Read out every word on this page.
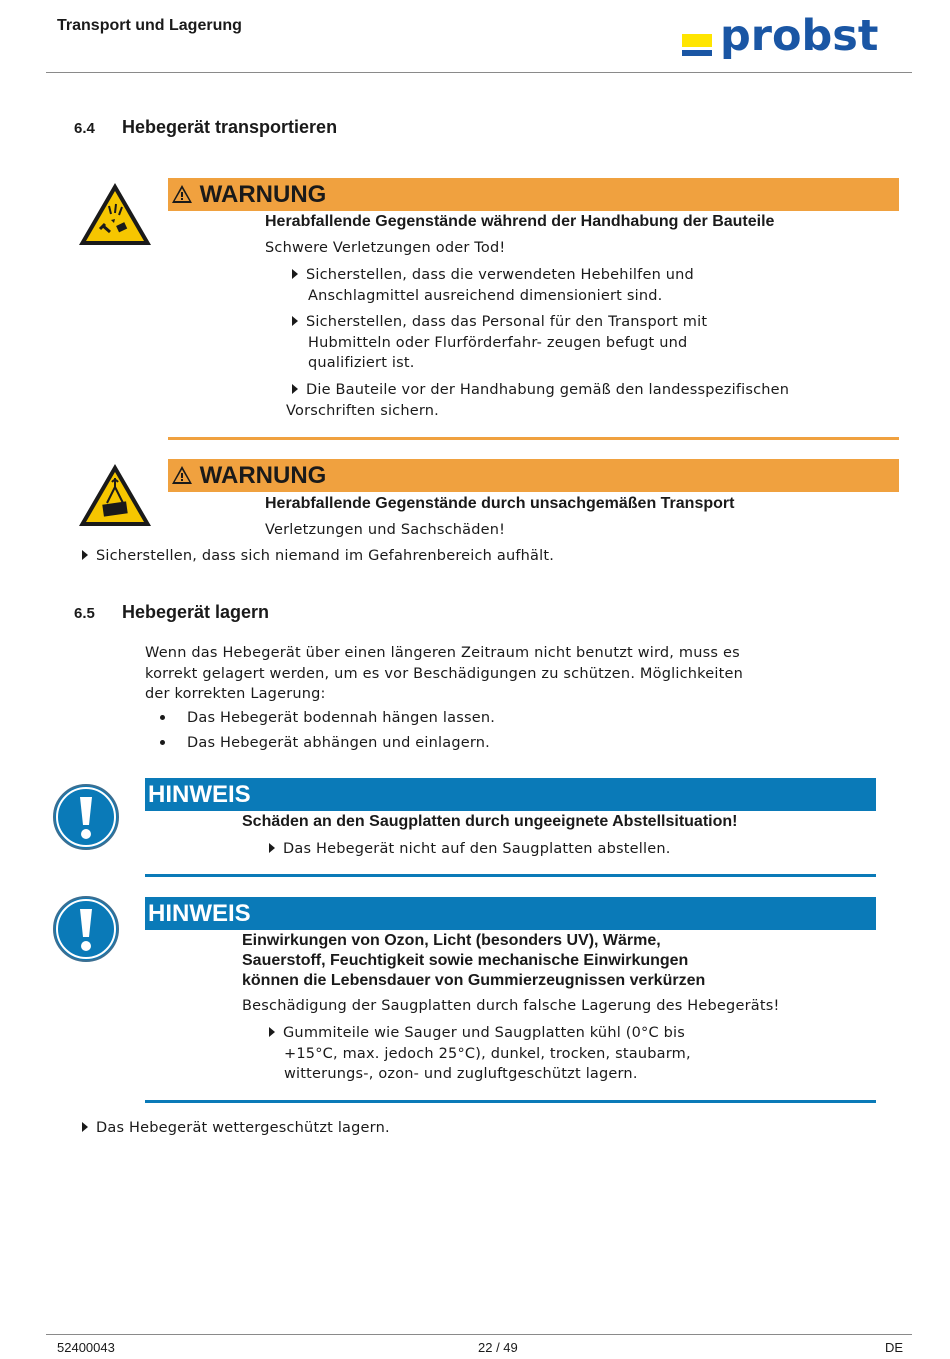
Transport und Lagerung	probst
6.4 Hebegerät transportieren
WARNUNG
Herabfallende Gegenstände während der Handhabung der Bauteile
Schwere Verletzungen oder Tod!
Sicherstellen, dass die verwendeten Hebehilfen und
Anschlagmittel ausreichend dimensioniert sind.
Sicherstellen, dass das Personal für den Transport mit
Hubmitteln oder Flurförderfahr- zeugen befugt und
qualifiziert ist.
Die Bauteile vor der Handhabung gemäß den landesspezifischen
Vorschriften sichern.
WARNUNG
Herabfallende Gegenstände durch unsachgemäßen Transport
Verletzungen und Sachschäden!
Sicherstellen, dass sich niemand im Gefahrenbereich aufhält.
6.5 Hebegerät lagern
Wenn das Hebegerät über einen längeren Zeitraum nicht benutzt wird, muss es
korrekt gelagert werden, um es vor Beschädigungen zu schützen. Möglichkeiten
der korrekten Lagerung:
Das Hebegerät bodennah hängen lassen.
Das Hebegerät abhängen und einlagern.
HINWEIS
Schäden an den Saugplatten durch ungeeignete Abstellsituation!
Das Hebegerät nicht auf den Saugplatten abstellen.
HINWEIS
Einwirkungen von Ozon, Licht (besonders UV), Wärme,
Sauerstoff, Feuchtigkeit sowie mechanische Einwirkungen
können die Lebensdauer von Gummierzeugnissen verkürzen
Beschädigung der Saugplatten durch falsche Lagerung des Hebegeräts!
Gummiteile wie Sauger und Saugplatten kühl (0°C bis
+15°C, max. jedoch 25°C), dunkel, trocken, staubarm,
witterungs-, ozon- und zugluftgeschützt lagern.
Das Hebegerät wettergeschützt lagern.
52400043	22 / 49	DE
